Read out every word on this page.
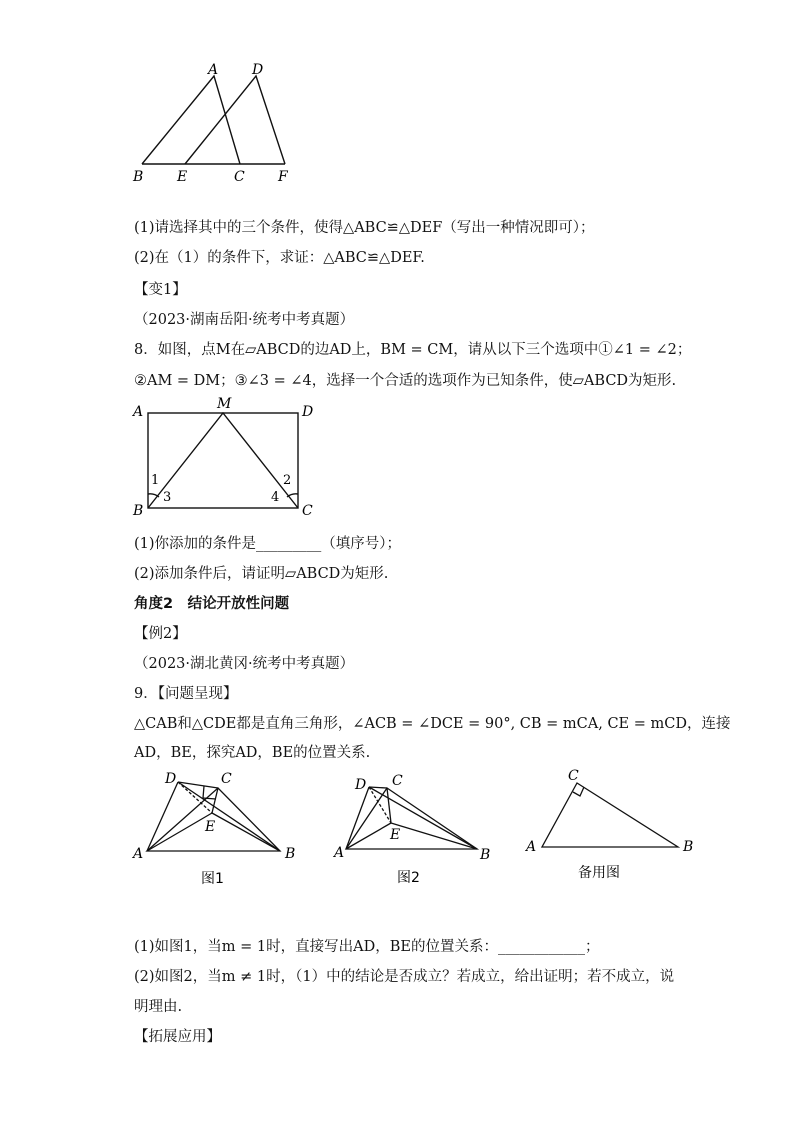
A D
B E	C F
(1)请选择其中的三个条件，使得△ABC≌△DEF（写出一种情况即可）；
(2)在（1）的条件下，求证：△ABC≌△DEF.
【变1】
（2023·湖南岳阳·统考中考真题）
8．如图，点M在▱ABCD的边AD上，BM = CM，请从以下三个选项中①∠1 = ∠2；
②AM = DM；③∠3 = ∠4，选择一个合适的选项作为已知条件，使▱ABCD为矩形.
A	M	D
B	C
1	2
3	4
(1)你添加的条件是_________（填序号）；
(2)添加条件后，请证明▱ABCD为矩形.
角度2　结论开放性问题
【例2】
（2023·湖北黄冈·统考中考真题）
9．【问题呈现】
△CAB和△CDE都是直角三角形，∠ACB = ∠DCE = 90°, CB = mCA, CE = mCD，连接
AD，BE，探究AD，BE的位置关系.
D	C
E
A	B
图1
D C
E
A	B
图2
C
A	B
备用图
(1)如图1，当m = 1时，直接写出AD，BE的位置关系：____________；
(2)如图2，当m ≠ 1时，（1）中的结论是否成立？若成立，给出证明；若不成立，说
明理由.
【拓展应用】
